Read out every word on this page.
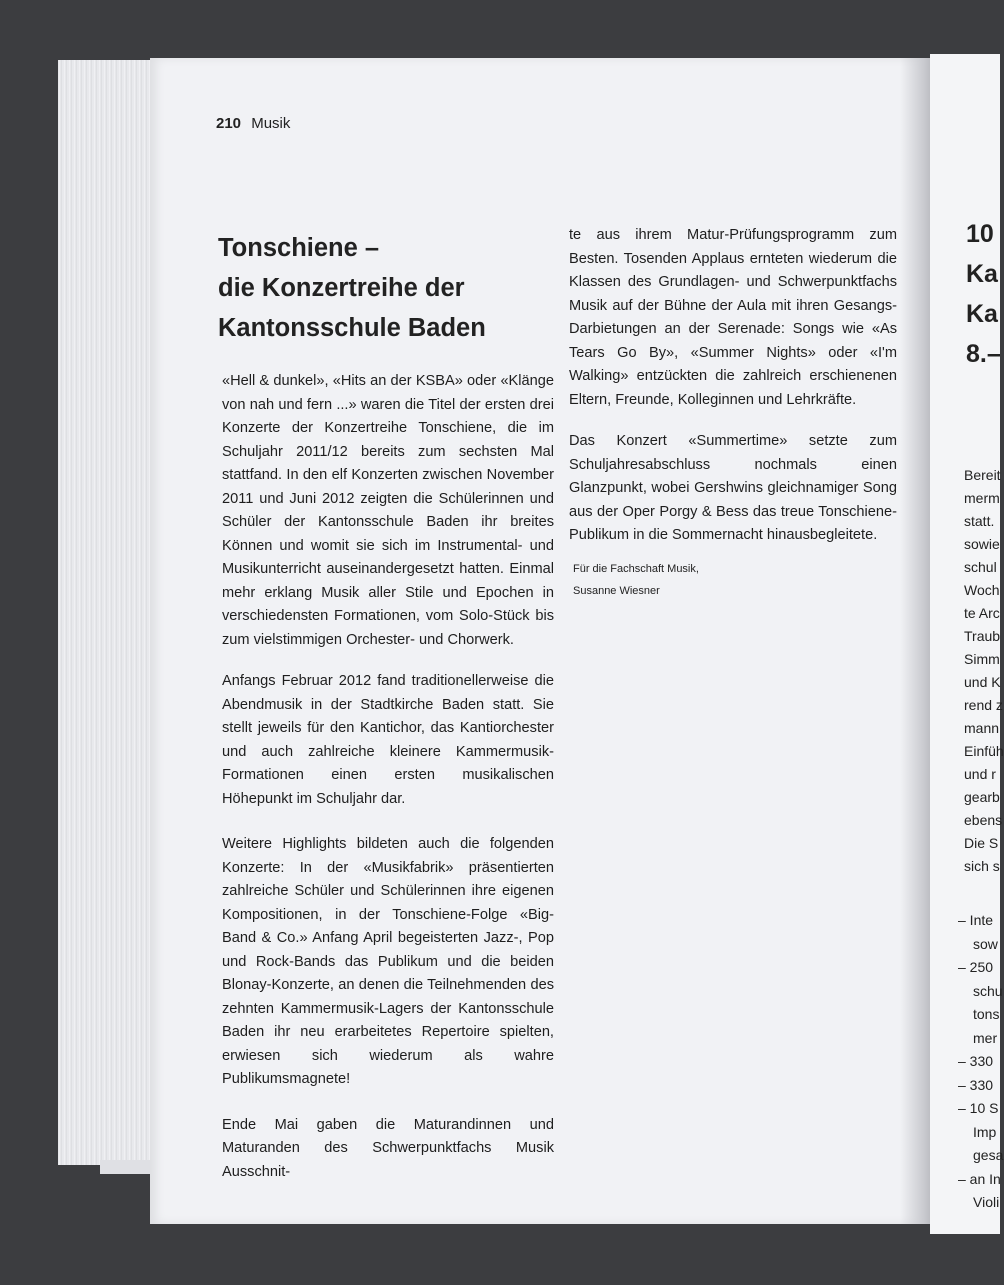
10
Ka
Ka
8.–
Bereit
merm
statt.
sowie
schul
Woch
te Arc
Traub
Simm
und K
rend z
mann
Einfüh
und r
gearb
ebens
Die S
sich s
– Inte
sow
– 250
schu
tons
mer
– 330
– 330
– 10 S
Imp
gesa
– an In
Violi
210 Musik
Tonschiene –
die Konzertreihe der
Kantonsschule Baden

«Hell & dunkel», «Hits an der KSBA» oder «Klänge von nah und fern ...» waren die Titel der ersten drei Konzerte der Konzertreihe Tonschiene, die im Schuljahr 2011/12 bereits zum sechsten Mal stattfand. In den elf Konzerten zwischen November 2011 und Juni 2012 zeigten die Schülerinnen und Schüler der Kantonsschule Baden ihr breites Können und womit sie sich im Instrumental- und Musikunterricht auseinandergesetzt hatten. Einmal mehr erklang Musik aller Stile und Epochen in verschiedensten Formationen, vom Solo-Stück bis zum vielstimmigen Orchester- und Chorwerk.

Anfangs Februar 2012 fand traditionellerweise die Abendmusik in der Stadtkirche Baden statt. Sie stellt jeweils für den Kantichor, das Kantiorchester und auch zahlreiche kleinere Kammermusik-Formationen einen ersten musikalischen Höhepunkt im Schuljahr dar.

Weitere Highlights bildeten auch die folgenden Konzerte: In der «Musikfabrik» präsentierten zahlreiche Schüler und Schülerinnen ihre eigenen Kompositionen, in der Tonschiene-Folge «Big-Band & Co.» Anfang April begeisterten Jazz-, Pop und Rock-Bands das Publikum und die beiden Blonay-Konzerte, an denen die Teilnehmenden des zehnten Kammermusik-Lagers der Kantonsschule Baden ihr neu erarbeitetes Repertoire spielten, erwiesen sich wiederum als wahre Publikumsmagnete!

Ende Mai gaben die Maturandinnen und Maturanden des Schwerpunktfachs Musik Ausschnit-

te aus ihrem Matur-Prüfungsprogramm zum Besten. Tosenden Applaus ernteten wiederum die Klassen des Grundlagen- und Schwerpunktfachs Musik auf der Bühne der Aula mit ihren Gesangs-Darbietungen an der Serenade: Songs wie «As Tears Go By», «Summer Nights» oder «I'm Walking» entzückten die zahlreich erschienenen Eltern, Freunde, Kolleginnen und Lehrkräfte.

Das Konzert «Summertime» setzte zum Schuljahresabschluss nochmals einen Glanzpunkt, wobei Gershwins gleichnamiger Song aus der Oper Porgy & Bess das treue Tonschiene-Publikum in die Sommernacht hinausbegleitete.

Für die Fachschaft Musik,
Susanne Wiesner
